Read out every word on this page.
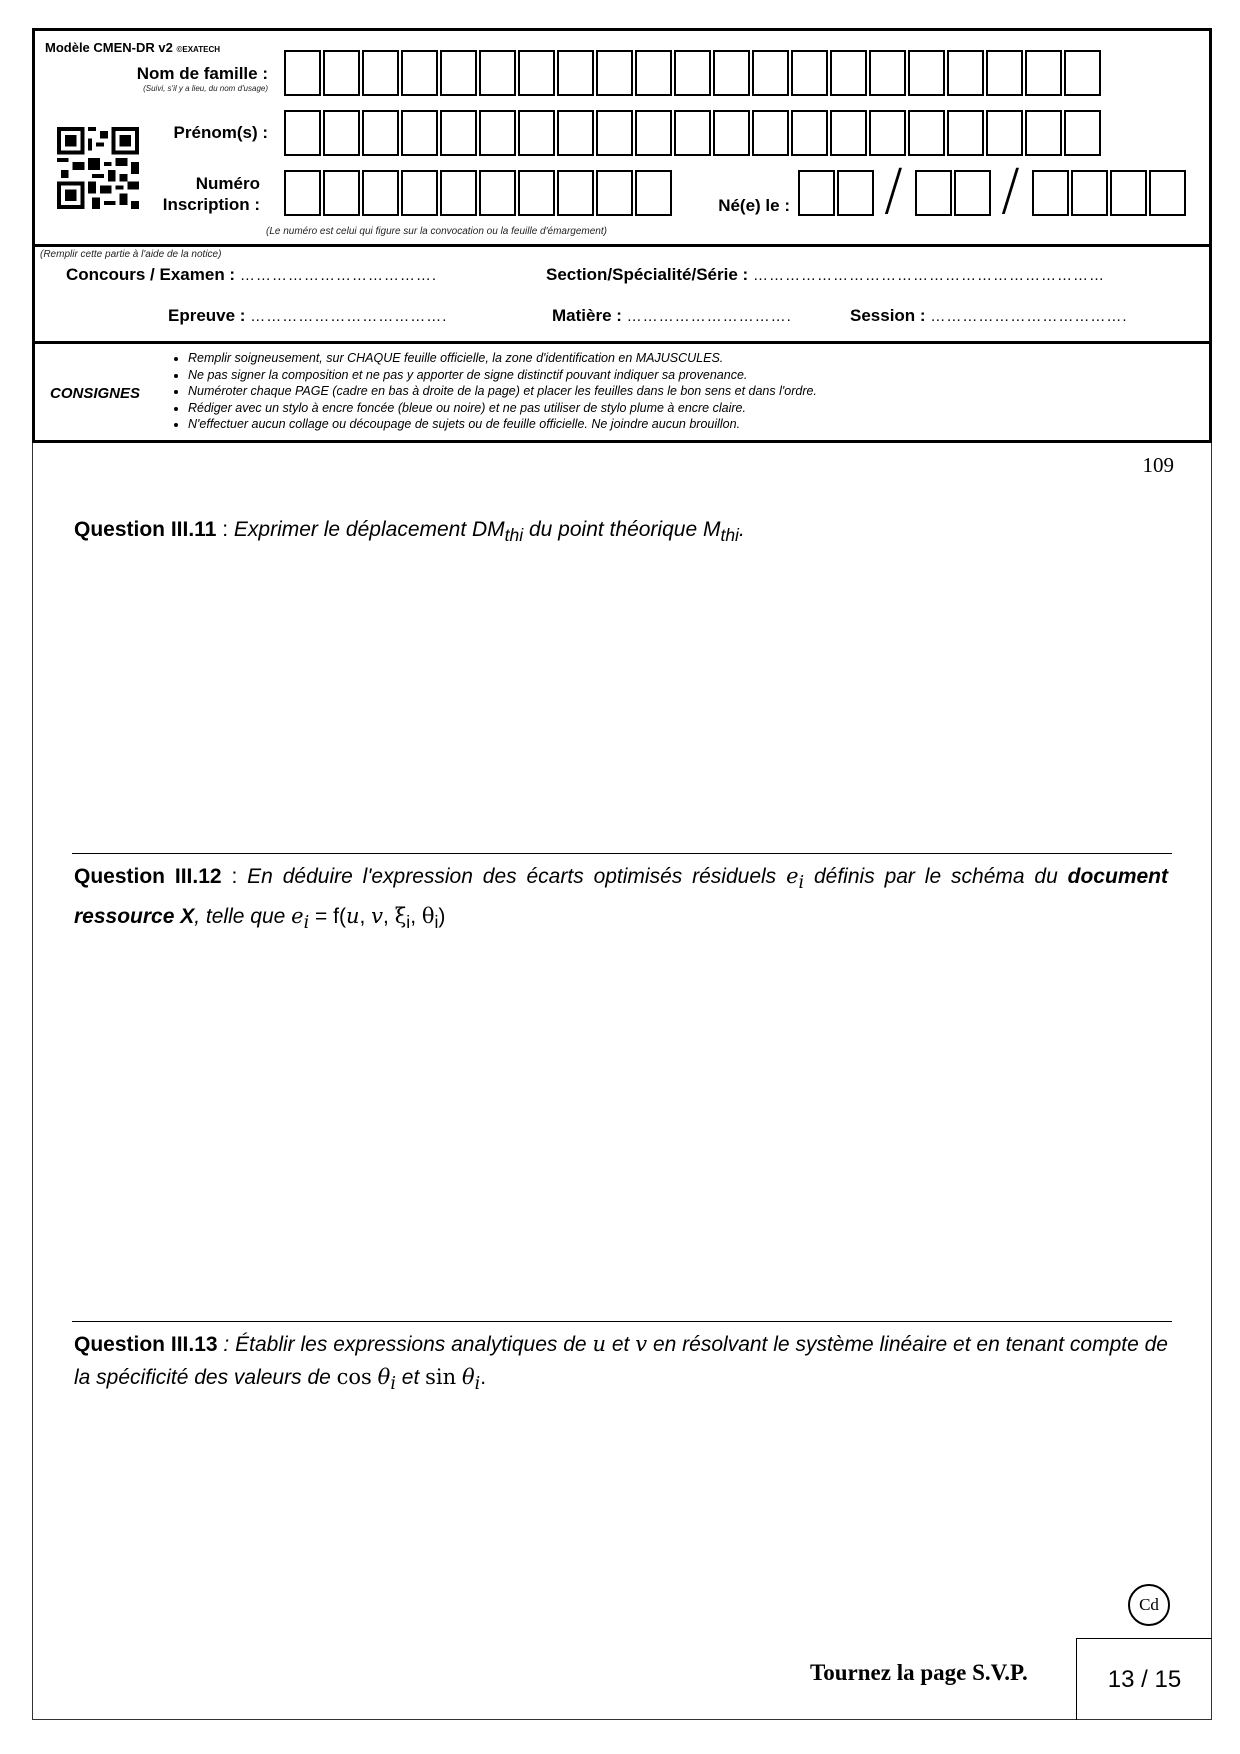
Modèle CMEN-DR v2 ©EXATECH
Nom de famille :
(Suivi, s'il y a lieu, du nom d'usage)
Prénom(s) :
Numéro
Inscription :	Né(e) le : / /
(Le numéro est celui qui figure sur la convocation ou la feuille d'émargement)
(Remplir cette partie à l'aide de la notice)
Concours / Examen : ……………………………….	Section/Spécialité/Série : …………………………………………………………
Epreuve : ……………………………….	Matière : ………………………….	Session : ……………………………….
CONSIGNES
• Remplir soigneusement, sur CHAQUE feuille officielle, la zone d'identification en MAJUSCULES.
• Ne pas signer la composition et ne pas y apporter de signe distinctif pouvant indiquer sa provenance.
• Numéroter chaque PAGE (cadre en bas à droite de la page) et placer les feuilles dans le bon sens et dans l'ordre.
• Rédiger avec un stylo à encre foncée (bleue ou noire) et ne pas utiliser de stylo plume à encre claire.
• N'effectuer aucun collage ou découpage de sujets ou de feuille officielle. Ne joindre aucun brouillon.
109
Question III.11 : Exprimer le déplacement $DM_{thi}$ du point théorique $M_{thi}$.
Question III.12 : En déduire l'expression des écarts optimisés résiduels $e_i$ définis par le schéma du document ressource X, telle que $e_i = f(u$, v, $\xi_i$, $\theta_i$)
Question III.13 : Établir les expressions analytiques de u et v en résolvant le système linéaire et en tenant compte de la spécificité des valeurs de $\cos \theta_i$ et $\sin \theta_i$.
Cd
Tournez la page S.V.P.	13 / 15
